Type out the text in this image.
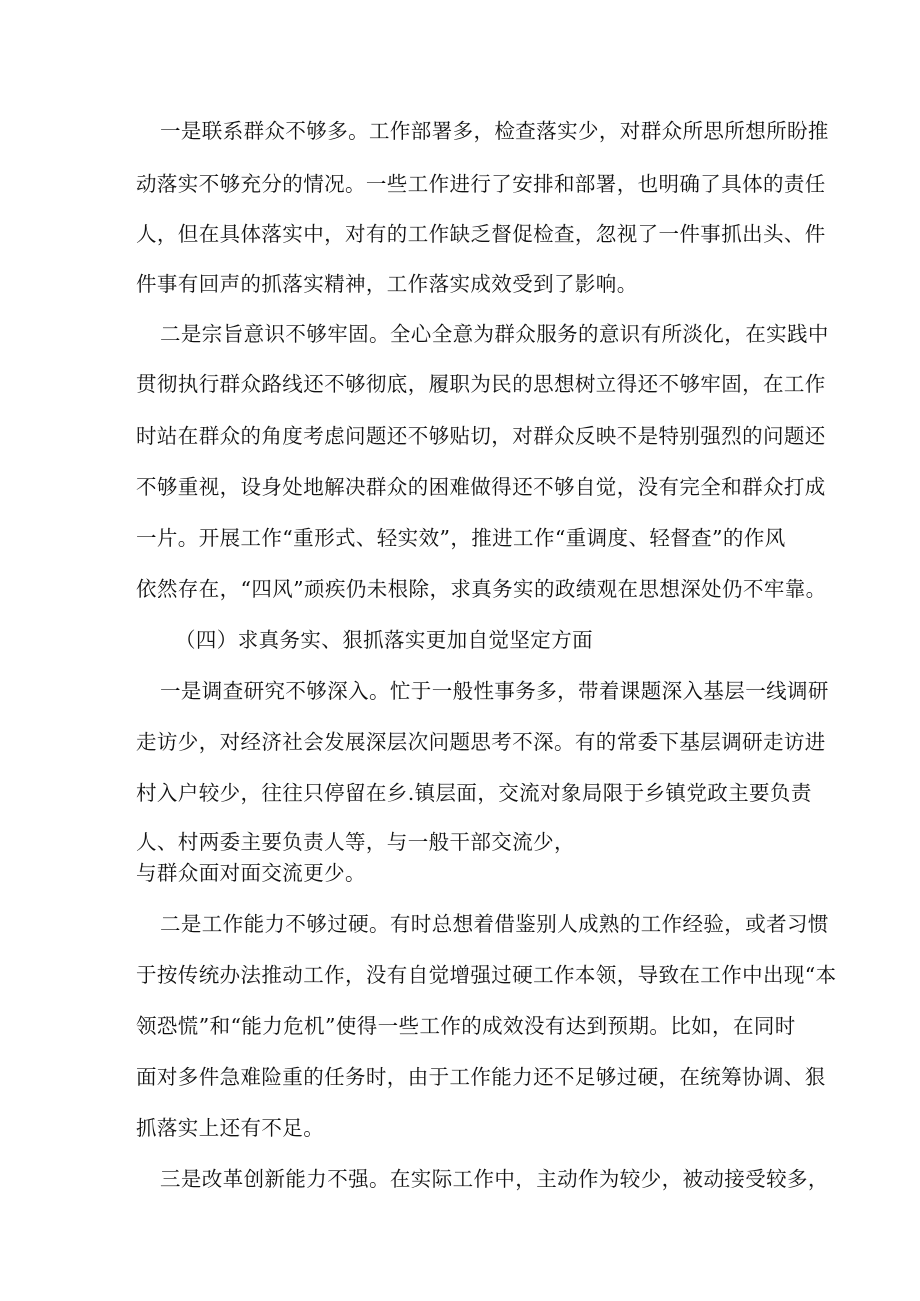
一是联系群众不够多。工作部署多，检查落实少，对群众所思所想所盼推
动落实不够充分的情况。一些工作进行了安排和部署，也明确了具体的责任
人，但在具体落实中，对有的工作缺乏督促检查，忽视了一件事抓出头、件
件事有回声的抓落实精神，工作落实成效受到了影响。
二是宗旨意识不够牢固。全心全意为群众服务的意识有所淡化，在实践中
贯彻执行群众路线还不够彻底，履职为民的思想树立得还不够牢固，在工作
时站在群众的角度考虑问题还不够贴切，对群众反映不是特别强烈的问题还
不够重视，设身处地解决群众的困难做得还不够自觉，没有完全和群众打成
一片。开展工作“重形式、轻实效”，推进工作“重调度、轻督查”的作风
依然存在，“四风”顽疾仍未根除，求真务实的政绩观在思想深处仍不牢靠。
（四）求真务实、狠抓落实更加自觉坚定方面
一是调查研究不够深入。忙于一般性事务多，带着课题深入基层一线调研
走访少，对经济社会发展深层次问题思考不深。有的常委下基层调研走访进
村入户较少，往往只停留在乡.镇层面，交流对象局限于乡镇党政主要负责
人、村两委主要负责人等，与一般干部交流少，
与群众面对面交流更少。
二是工作能力不够过硬。有时总想着借鉴别人成熟的工作经验，或者习惯
于按传统办法推动工作，没有自觉增强过硬工作本领，导致在工作中出现“本
领恐慌”和“能力危机”使得一些工作的成效没有达到预期。比如，在同时
面对多件急难险重的任务时，由于工作能力还不足够过硬，在统筹协调、狠
抓落实上还有不足。
三是改革创新能力不强。在实际工作中，主动作为较少，被动接受较多，
